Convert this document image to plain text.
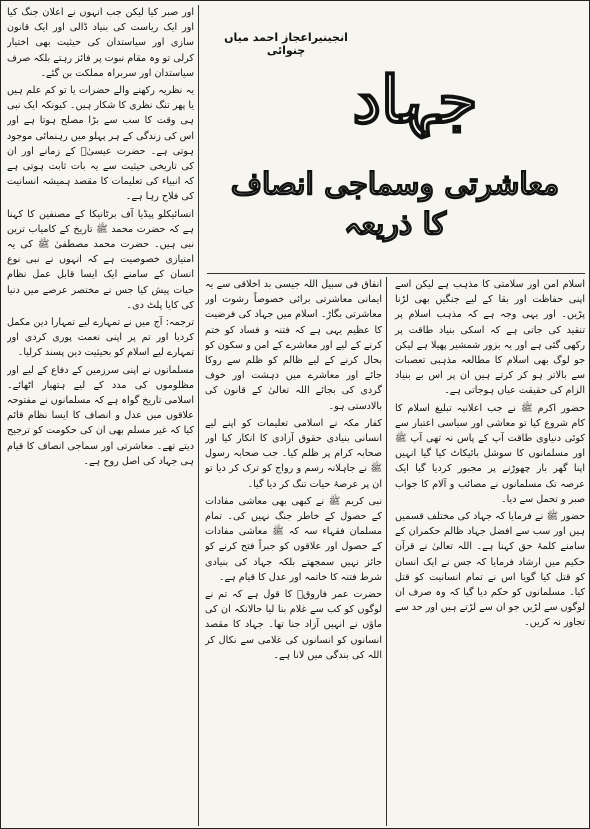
اور صبر کیا لیکن جب انہوں نے اعلان جنگ کیا اور ایک ریاست کی بنیاد ڈالی اور ایک قانون سازی اور سیاستدان کی حیثیت بھی اختیار کرلی تو وہ مقام نبوت پر فائز رہتے بلکہ صرف سیاستدان اور سربراہ مملکت بن گئے۔

یہ نظریہ رکھنے والے حضرات یا تو کم علم ہیں یا پھر تنگ نظری کا شکار ہیں۔ کیونکہ ایک نبی ہی وقت کا سب سے بڑا مصلح ہوتا ہے اور اس کی زندگی کے ہر پہلو میں رہنمائی موجود ہوتی ہے۔ حضرت عیسیٰؑ کے زمانے اور ان کی تاریخی حیثیت سے یہ بات ثابت ہوتی ہے کہ انبیاء کی تعلیمات کا مقصد ہمیشہ انسانیت کی فلاح رہا ہے۔

انسائیکلو پیڈیا آف برٹانیکا کے مصنفین کا کہنا ہے کہ حضرت محمد ﷺ تاریخ کے کامیاب ترین نبی ہیں۔ حضرت محمد مصطفیٰ ﷺ کی یہ امتیازی خصوصیت ہے کہ انہوں نے نبی نوع انسان کے سامنے ایک ایسا قابل عمل نظام حیات پیش کیا جس نے مختصر عرصے میں دنیا کی کایا پلٹ دی۔

ترجمہ: آج میں نے تمہارے لیے تمہارا دین مکمل کردیا اور تم پر اپنی نعمت پوری کردی اور تمہارے لیے اسلام کو بحیثیت دین پسند کرلیا۔

مسلمانوں نے اپنی سرزمین کے دفاع کے لیے اور مظلوموں کی مدد کے لیے ہتھیار اٹھائے۔ اسلامی تاریخ گواہ ہے کہ مسلمانوں نے مفتوحہ علاقوں میں عدل و انصاف کا ایسا نظام قائم کیا کہ غیر مسلم بھی ان کی حکومت کو ترجیح دیتے تھے۔ معاشرتی اور سماجی انصاف کا قیام ہی جہاد کی اصل روح ہے۔

انجینیراعجاز احمد میاں چنوائی
جہاد
معاشرتی وسماجی انصاف کا ذریعہ

انفاق فی سبیل اللہ جیسی بد اخلاقی سے یہ ایمانی معاشرتی برائی خصوصاً رشوت اور معاشرتی بگاڑ۔ اسلام میں جہاد کی فرضیت کا عظیم یہی ہے کہ فتنہ و فساد کو ختم کرنے کے لیے اور معاشرے کے امن و سکون کو بحال کرنے کے لیے ظالم کو ظلم سے روکا جائے اور معاشرے میں دہشت اور خوف گردی کی بجائے اللہ تعالیٰ کے قانون کی بالادستی ہو۔

کفار مکہ نے اسلامی تعلیمات کو اپنے لیے انسانی بنیادی حقوق آزادی کا انکار کیا اور صحابہ کرام پر ظلم کیا۔ جب صحابہ رسول ﷺ نے جاہلانہ رسم و رواج کو ترک کر دیا تو ان پر عرصۂ حیات تنگ کر دیا گیا۔

نبی کریم ﷺ نے کبھی بھی معاشی مفادات کے حصول کے خاطر جنگ نہیں کی۔ تمام مسلمان فقہاء سہ کہ ﷺ معاشی مفادات کے حصول اور علاقوں کو جبراً فتح کرنے کو جائز نہیں سمجھتے بلکہ جہاد کی بنیادی شرط فتنہ کا خاتمہ اور عدل کا قیام ہے۔

حضرت عمر فاروقؓ کا قول ہے کہ تم نے لوگوں کو کب سے غلام بنا لیا حالانکہ ان کی ماؤں نے انہیں آزاد جنا تھا۔ جہاد کا مقصد انسانوں کو انسانوں کی غلامی سے نکال کر اللہ کی بندگی میں لانا ہے۔

اسلام امن اور سلامتی کا مذہب ہے لیکن اسے اپنی حفاظت اور بقا کے لیے جنگیں بھی لڑنا پڑیں۔ اور یہی وجہ ہے کہ مذہب اسلام پر تنقید کی جاتی ہے کہ اسکی بنیاد طاقت پر رکھی گئی ہے اور یہ بزور شمشیر پھیلا ہے لیکن جو لوگ بھی اسلام کا مطالعہ مذہبی تعصبات سے بالاتر ہو کر کرتے ہیں ان پر اس بے بنیاد الزام کی حقیقت عیاں ہوجاتی ہے۔

حضور اکرم ﷺ نے جب اعلانیہ تبلیغ اسلام کا کام شروع کیا تو معاشی اور سیاسی اعتبار سے کوئی دنیاوی طاقت آپ کے پاس نہ تھی آپ ﷺ اور مسلمانوں کا سوشل بائیکاٹ کیا گیا انہیں اپنا گھر بار چھوڑنے پر مجبور کردیا گیا ایک عرصہ تک مسلمانوں نے مصائب و آلام کا جواب صبر و تحمل سے دیا۔

حضور ﷺ نے فرمایا کہ جہاد کی مختلف قسمیں ہیں اور سب سے افضل جہاد ظالم حکمران کے سامنے کلمۂ حق کہنا ہے۔ اللہ تعالیٰ نے قرآن حکیم میں ارشاد فرمایا کہ جس نے ایک انسان کو قتل کیا گویا اس نے تمام انسانیت کو قتل کیا۔ مسلمانوں کو حکم دیا گیا کہ وہ صرف ان لوگوں سے لڑیں جو ان سے لڑتے ہیں اور حد سے تجاوز نہ کریں۔
